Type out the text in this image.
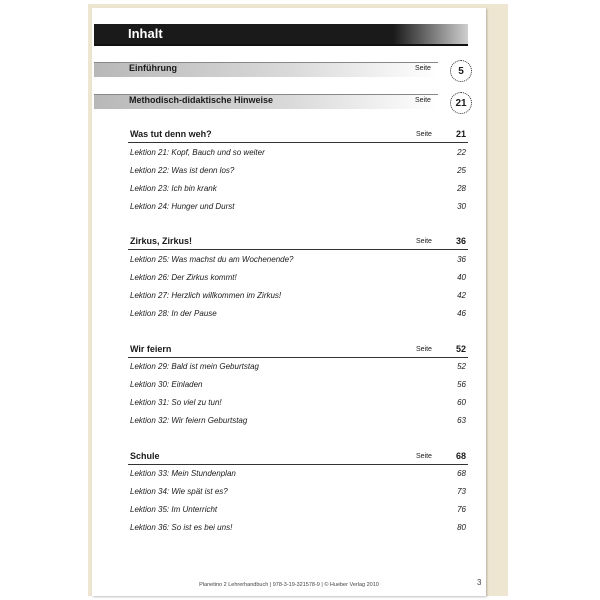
Inhalt
Einführung	Seite	5
Methodisch-didaktische Hinweise	Seite	21
Was tut denn weh?	Seite	21
Lektion 21: Kopf, Bauch und so weiter	22
Lektion 22: Was ist denn los?	25
Lektion 23: Ich bin krank	28
Lektion 24: Hunger und Durst	30
Zirkus, Zirkus!	Seite	36
Lektion 25: Was machst du am Wochenende?	36
Lektion 26: Der Zirkus kommt!	40
Lektion 27: Herzlich willkommen im Zirkus!	42
Lektion 28: In der Pause	46
Wir feiern	Seite	52
Lektion 29: Bald ist mein Geburtstag	52
Lektion 30: Einladen	56
Lektion 31: So viel zu tun!	60
Lektion 32: Wir feiern Geburtstag	63
Schule	Seite	68
Lektion 33: Mein Stundenplan	68
Lektion 34: Wie spät ist es?	73
Lektion 35: Im Unterricht	76
Lektion 36: So ist es bei uns!	80
Planetino 2 Lehrerhandbuch | 978-3-19-321578-9 | © Hueber Verlag 2010	3
